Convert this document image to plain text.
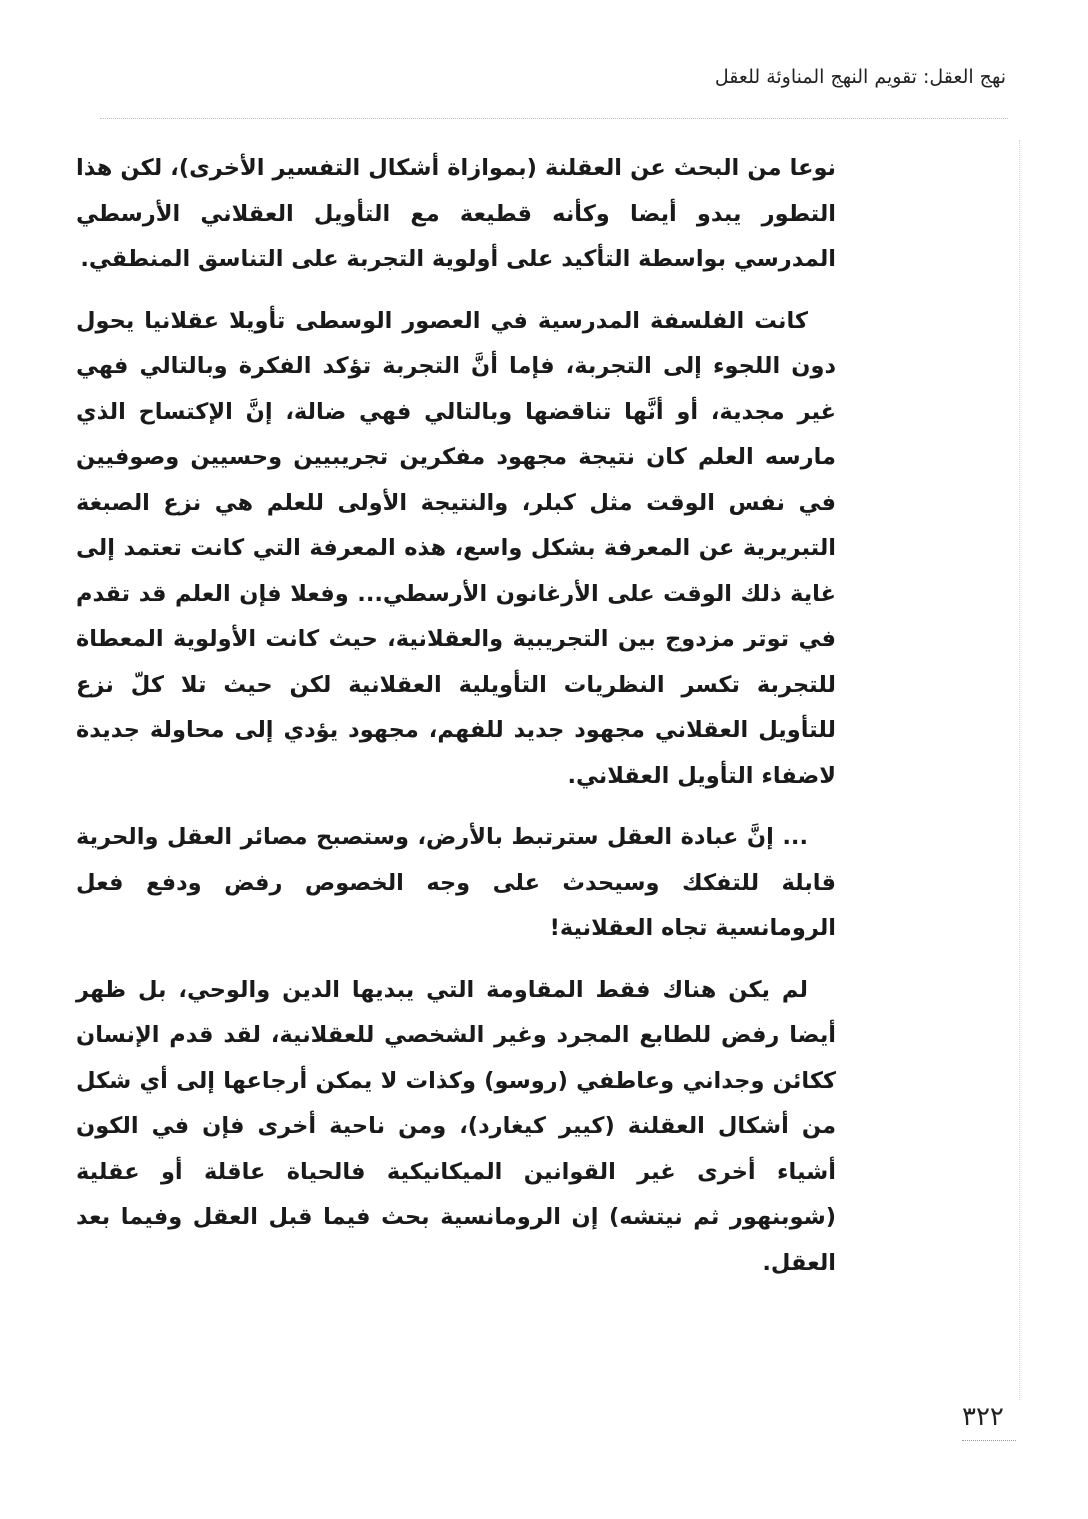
نهج العقل: تقويم النهج المناوئة للعقل

نوعا من البحث عن العقلنة (بموازاة أشكال التفسير الأخرى)، لكن هذا التطور يبدو أيضا وكأنه قطيعة مع التأويل العقلاني الأرسطي المدرسي بواسطة التأكيد على أولوية التجربة على التناسق المنطقي.

كانت الفلسفة المدرسية في العصور الوسطى تأويلا عقلانيا يحول دون اللجوء إلى التجربة، فإما أنَّ التجربة تؤكد الفكرة وبالتالي فهي غير مجدية، أو أنَّها تناقضها وبالتالي فهي ضالة، إنَّ الإكتساح الذي مارسه العلم كان نتيجة مجهود مفكرين تجريبيين وحسيين وصوفيين في نفس الوقت مثل كبلر، والنتيجة الأولى للعلم هي نزع الصبغة التبريرية عن المعرفة بشكل واسع، هذه المعرفة التي كانت تعتمد إلى غاية ذلك الوقت على الأرغانون الأرسطي... وفعلا فإن العلم قد تقدم في توتر مزدوج بين التجريبية والعقلانية، حيث كانت الأولوية المعطاة للتجربة تكسر النظريات التأويلية العقلانية لكن حيث تلا كلّ نزع للتأويل العقلاني مجهود جديد للفهم، مجهود يؤدي إلى محاولة جديدة لاضفاء التأويل العقلاني.

... إنَّ عبادة العقل سترتبط بالأرض، وستصبح مصائر العقل والحرية قابلة للتفكك وسيحدث على وجه الخصوص رفض ودفع فعل الرومانسية تجاه العقلانية!

لم يكن هناك فقط المقاومة التي يبديها الدين والوحي، بل ظهر أيضا رفض للطابع المجرد وغير الشخصي للعقلانية، لقد قدم الإنسان ككائن وجداني وعاطفي (روسو) وكذات لا يمكن أرجاعها إلى أي شكل من أشكال العقلنة (كيير كيغارد)، ومن ناحية أخرى فإن في الكون أشياء أخرى غير القوانين الميكانيكية فالحياة عاقلة أو عقلية (شوبنهور ثم نيتشه) إن الرومانسية بحث فيما قبل العقل وفيما بعد العقل.

٣٢٢
